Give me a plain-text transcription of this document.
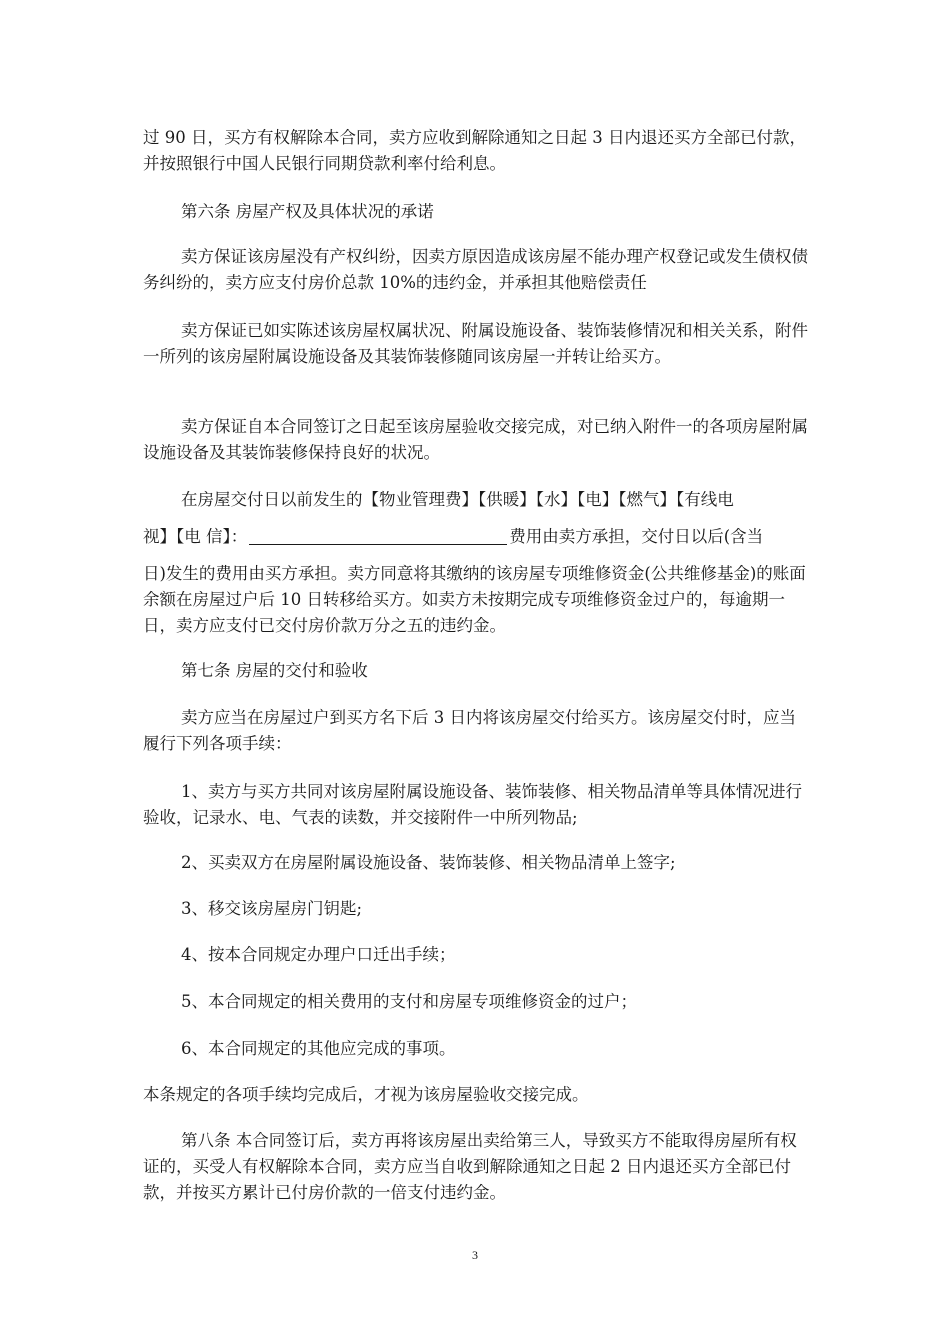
过 90 日，买方有权解除本合同，卖方应收到解除通知之日起 3 日内退还买方全部已付款，并按照银行中国人民银行同期贷款利率付给利息。

第六条 房屋产权及具体状况的承诺

卖方保证该房屋没有产权纠纷，因卖方原因造成该房屋不能办理产权登记或发生债权债务纠纷的，卖方应支付房价总款 10%的违约金，并承担其他赔偿责任

卖方保证已如实陈述该房屋权属状况、附属设施设备、装饰装修情况和相关关系，附件一所列的该房屋附属设施设备及其装饰装修随同该房屋一并转让给买方。

卖方保证自本合同签订之日起至该房屋验收交接完成，对已纳入附件一的各项房屋附属设施设备及其装饰装修保持良好的状况。

在房屋交付日以前发生的【物业管理费】【供暖】【水】【电】【燃气】【有线电

视】【电 信】：	费用由卖方承担，交付日以后(含当

日)发生的费用由买方承担。卖方同意将其缴纳的该房屋专项维修资金(公共维修基金)的账面余额在房屋过户后 10 日转移给买方。如卖方未按期完成专项维修资金过户的，每逾期一日，卖方应支付已交付房价款万分之五的违约金。

第七条 房屋的交付和验收

卖方应当在房屋过户到买方名下后 3 日内将该房屋交付给买方。该房屋交付时，应当履行下列各项手续：

1、卖方与买方共同对该房屋附属设施设备、装饰装修、相关物品清单等具体情况进行验收，记录水、电、气表的读数，并交接附件一中所列物品;

2、买卖双方在房屋附属设施设备、装饰装修、相关物品清单上签字;

3、移交该房屋房门钥匙;

4、按本合同规定办理户口迁出手续；

5、本合同规定的相关费用的支付和房屋专项维修资金的过户；

6、本合同规定的其他应完成的事项。

本条规定的各项手续均完成后，才视为该房屋验收交接完成。

第八条 本合同签订后，卖方再将该房屋出卖给第三人，导致买方不能取得房屋所有权证的，买受人有权解除本合同，卖方应当自收到解除通知之日起 2 日内退还买方全部已付款，并按买方累计已付房价款的一倍支付违约金。

3
